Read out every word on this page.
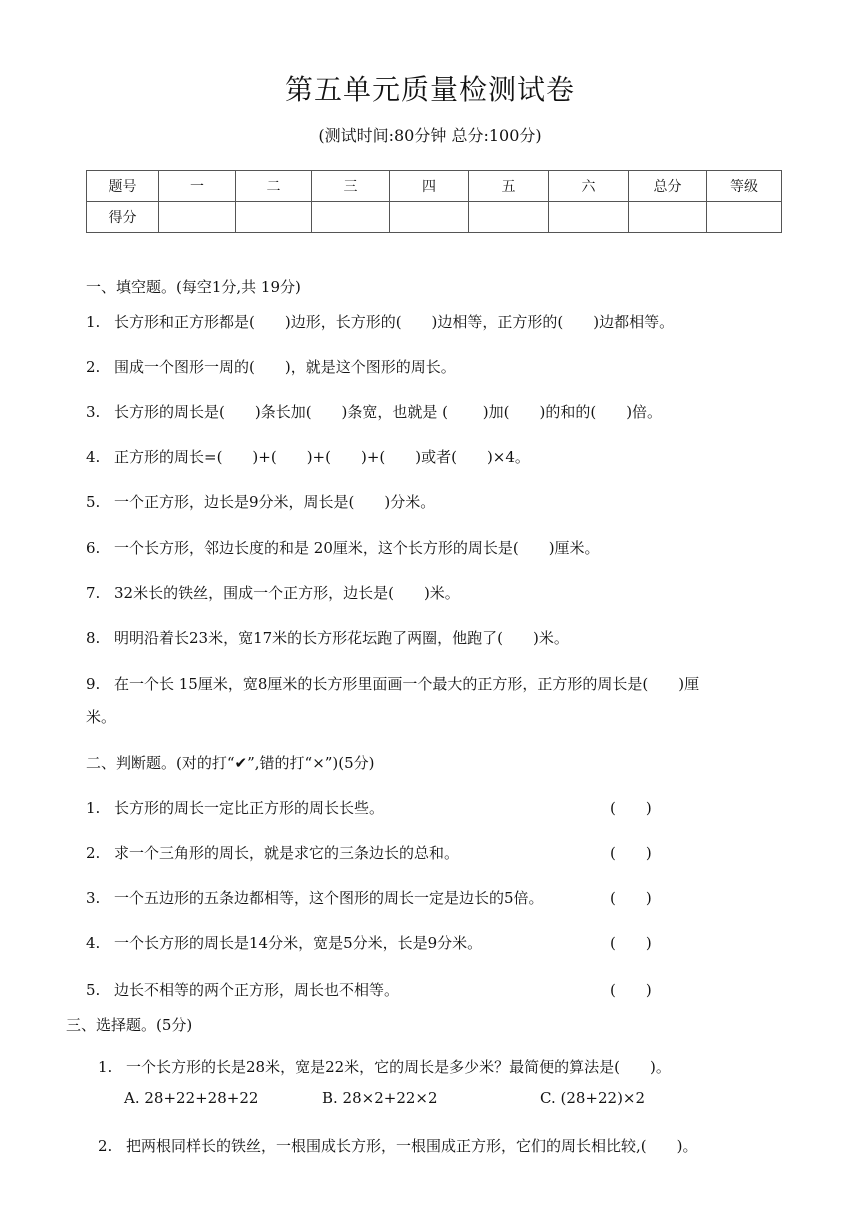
第五单元质量检测试卷
(测试时间:80分钟 总分:100分)
题号	一	二	三	四	五	六	总分	等级
得分								
一、填空题。(每空1分,共 19分)
1. 长方形和正方形都是(　　)边形，长方形的(　　)边相等，正方形的(　　)边都相等。
2. 围成一个图形一周的(　　)，就是这个图形的周长。
3. 长方形的周长是(　　)条长加(　　)条宽，也就是 (　　 )加(　　)的和的(　　)倍。
4. 正方形的周长=(　　)+(　　)+(　　)+(　　)或者(　　)×4。
5. 一个正方形，边长是9分米，周长是(　　)分米。
6. 一个长方形，邻边长度的和是 20厘米，这个长方形的周长是(　　)厘米。
7. 32米长的铁丝，围成一个正方形，边长是(　　)米。
8. 明明沿着长23米，宽17米的长方形花坛跑了两圈，他跑了(　　)米。
9. 在一个长 15厘米，宽8厘米的长方形里面画一个最大的正方形，正方形的周长是(　　)厘
米。
二、判断题。(对的打“✔”,错的打“×”)(5分)
1. 长方形的周长一定比正方形的周长长些。	(　　)
2. 求一个三角形的周长，就是求它的三条边长的总和。	(　　)
3. 一个五边形的五条边都相等，这个图形的周长一定是边长的5倍。	(　　)
4. 一个长方形的周长是14分米，宽是5分米，长是9分米。	(　　)
5. 边长不相等的两个正方形，周长也不相等。	(　　)
三、选择题。(5分)
1. 一个长方形的长是28米，宽是22米，它的周长是多少米？最简便的算法是(　　)。
A. 28+22+28+22	B. 28×2+22×2	C. (28+22)×2
2. 把两根同样长的铁丝，一根围成长方形，一根围成正方形，它们的周长相比较,(　　)。
